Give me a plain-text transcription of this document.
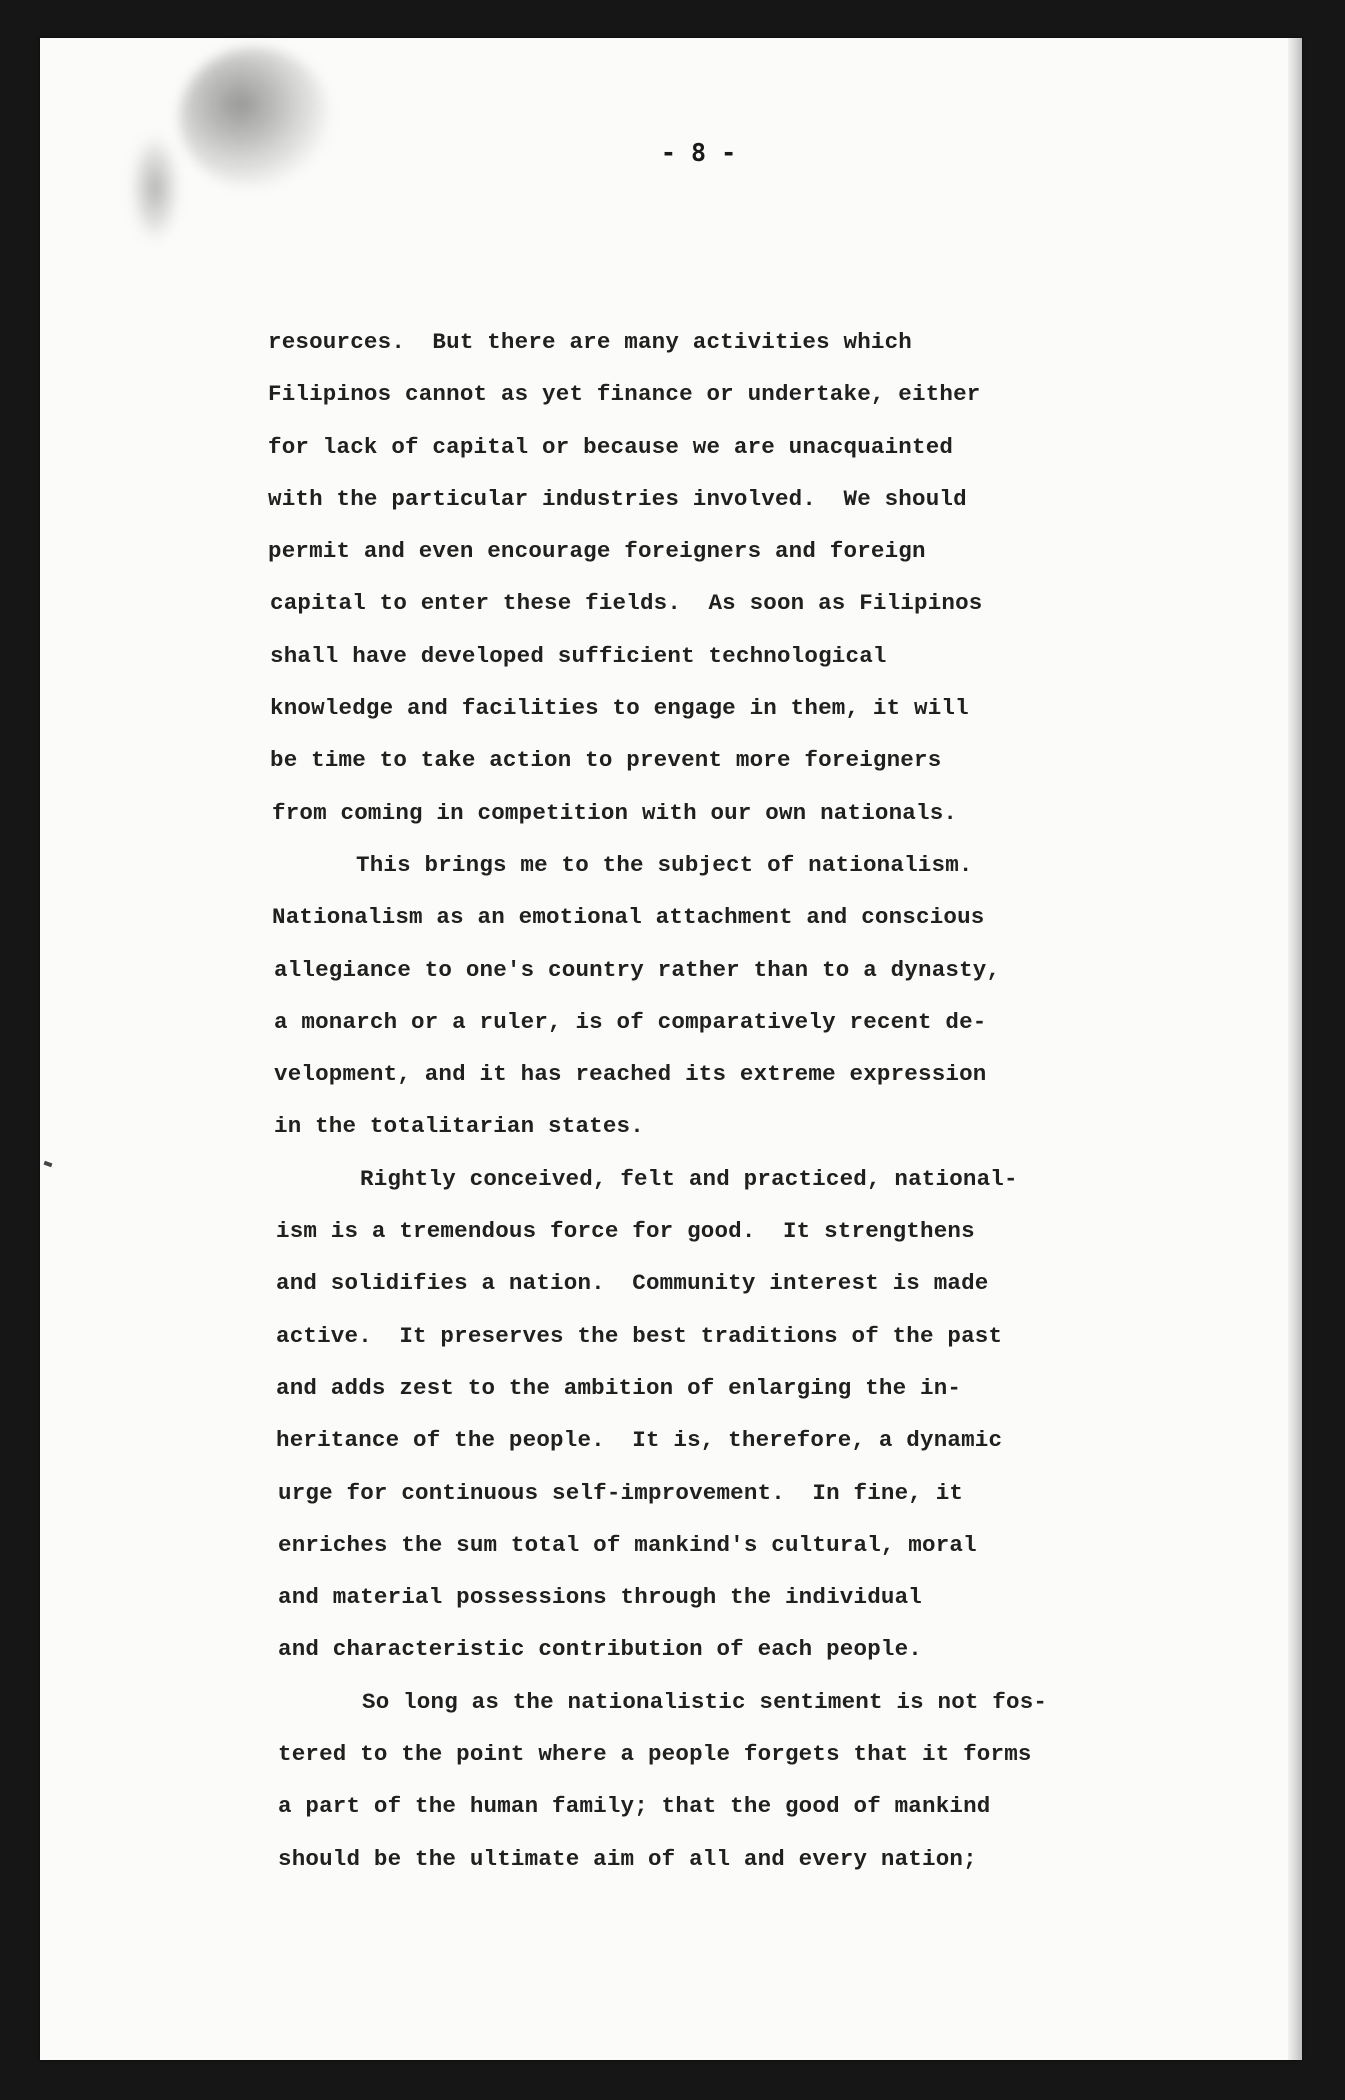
- 8 -
resources.  But there are many activities which
Filipinos cannot as yet finance or undertake, either
for lack of capital or because we are unacquainted
with the particular industries involved.  We should
permit and even encourage foreigners and foreign
capital to enter these fields.  As soon as Filipinos
shall have developed sufficient technological
knowledge and facilities to engage in them, it will
be time to take action to prevent more foreigners
from coming in competition with our own nationals.
This brings me to the subject of nationalism.
Nationalism as an emotional attachment and conscious
allegiance to one's country rather than to a dynasty,
a monarch or a ruler, is of comparatively recent de-
velopment, and it has reached its extreme expression
in the totalitarian states.
Rightly conceived, felt and practiced, national-
ism is a tremendous force for good.  It strengthens
and solidifies a nation.  Community interest is made
active.  It preserves the best traditions of the past
and adds zest to the ambition of enlarging the in-
heritance of the people.  It is, therefore, a dynamic
urge for continuous self-improvement.  In fine, it
enriches the sum total of mankind's cultural, moral
and material possessions through the individual
and characteristic contribution of each people.
So long as the nationalistic sentiment is not fos-
tered to the point where a people forgets that it forms
a part of the human family; that the good of mankind
should be the ultimate aim of all and every nation;
